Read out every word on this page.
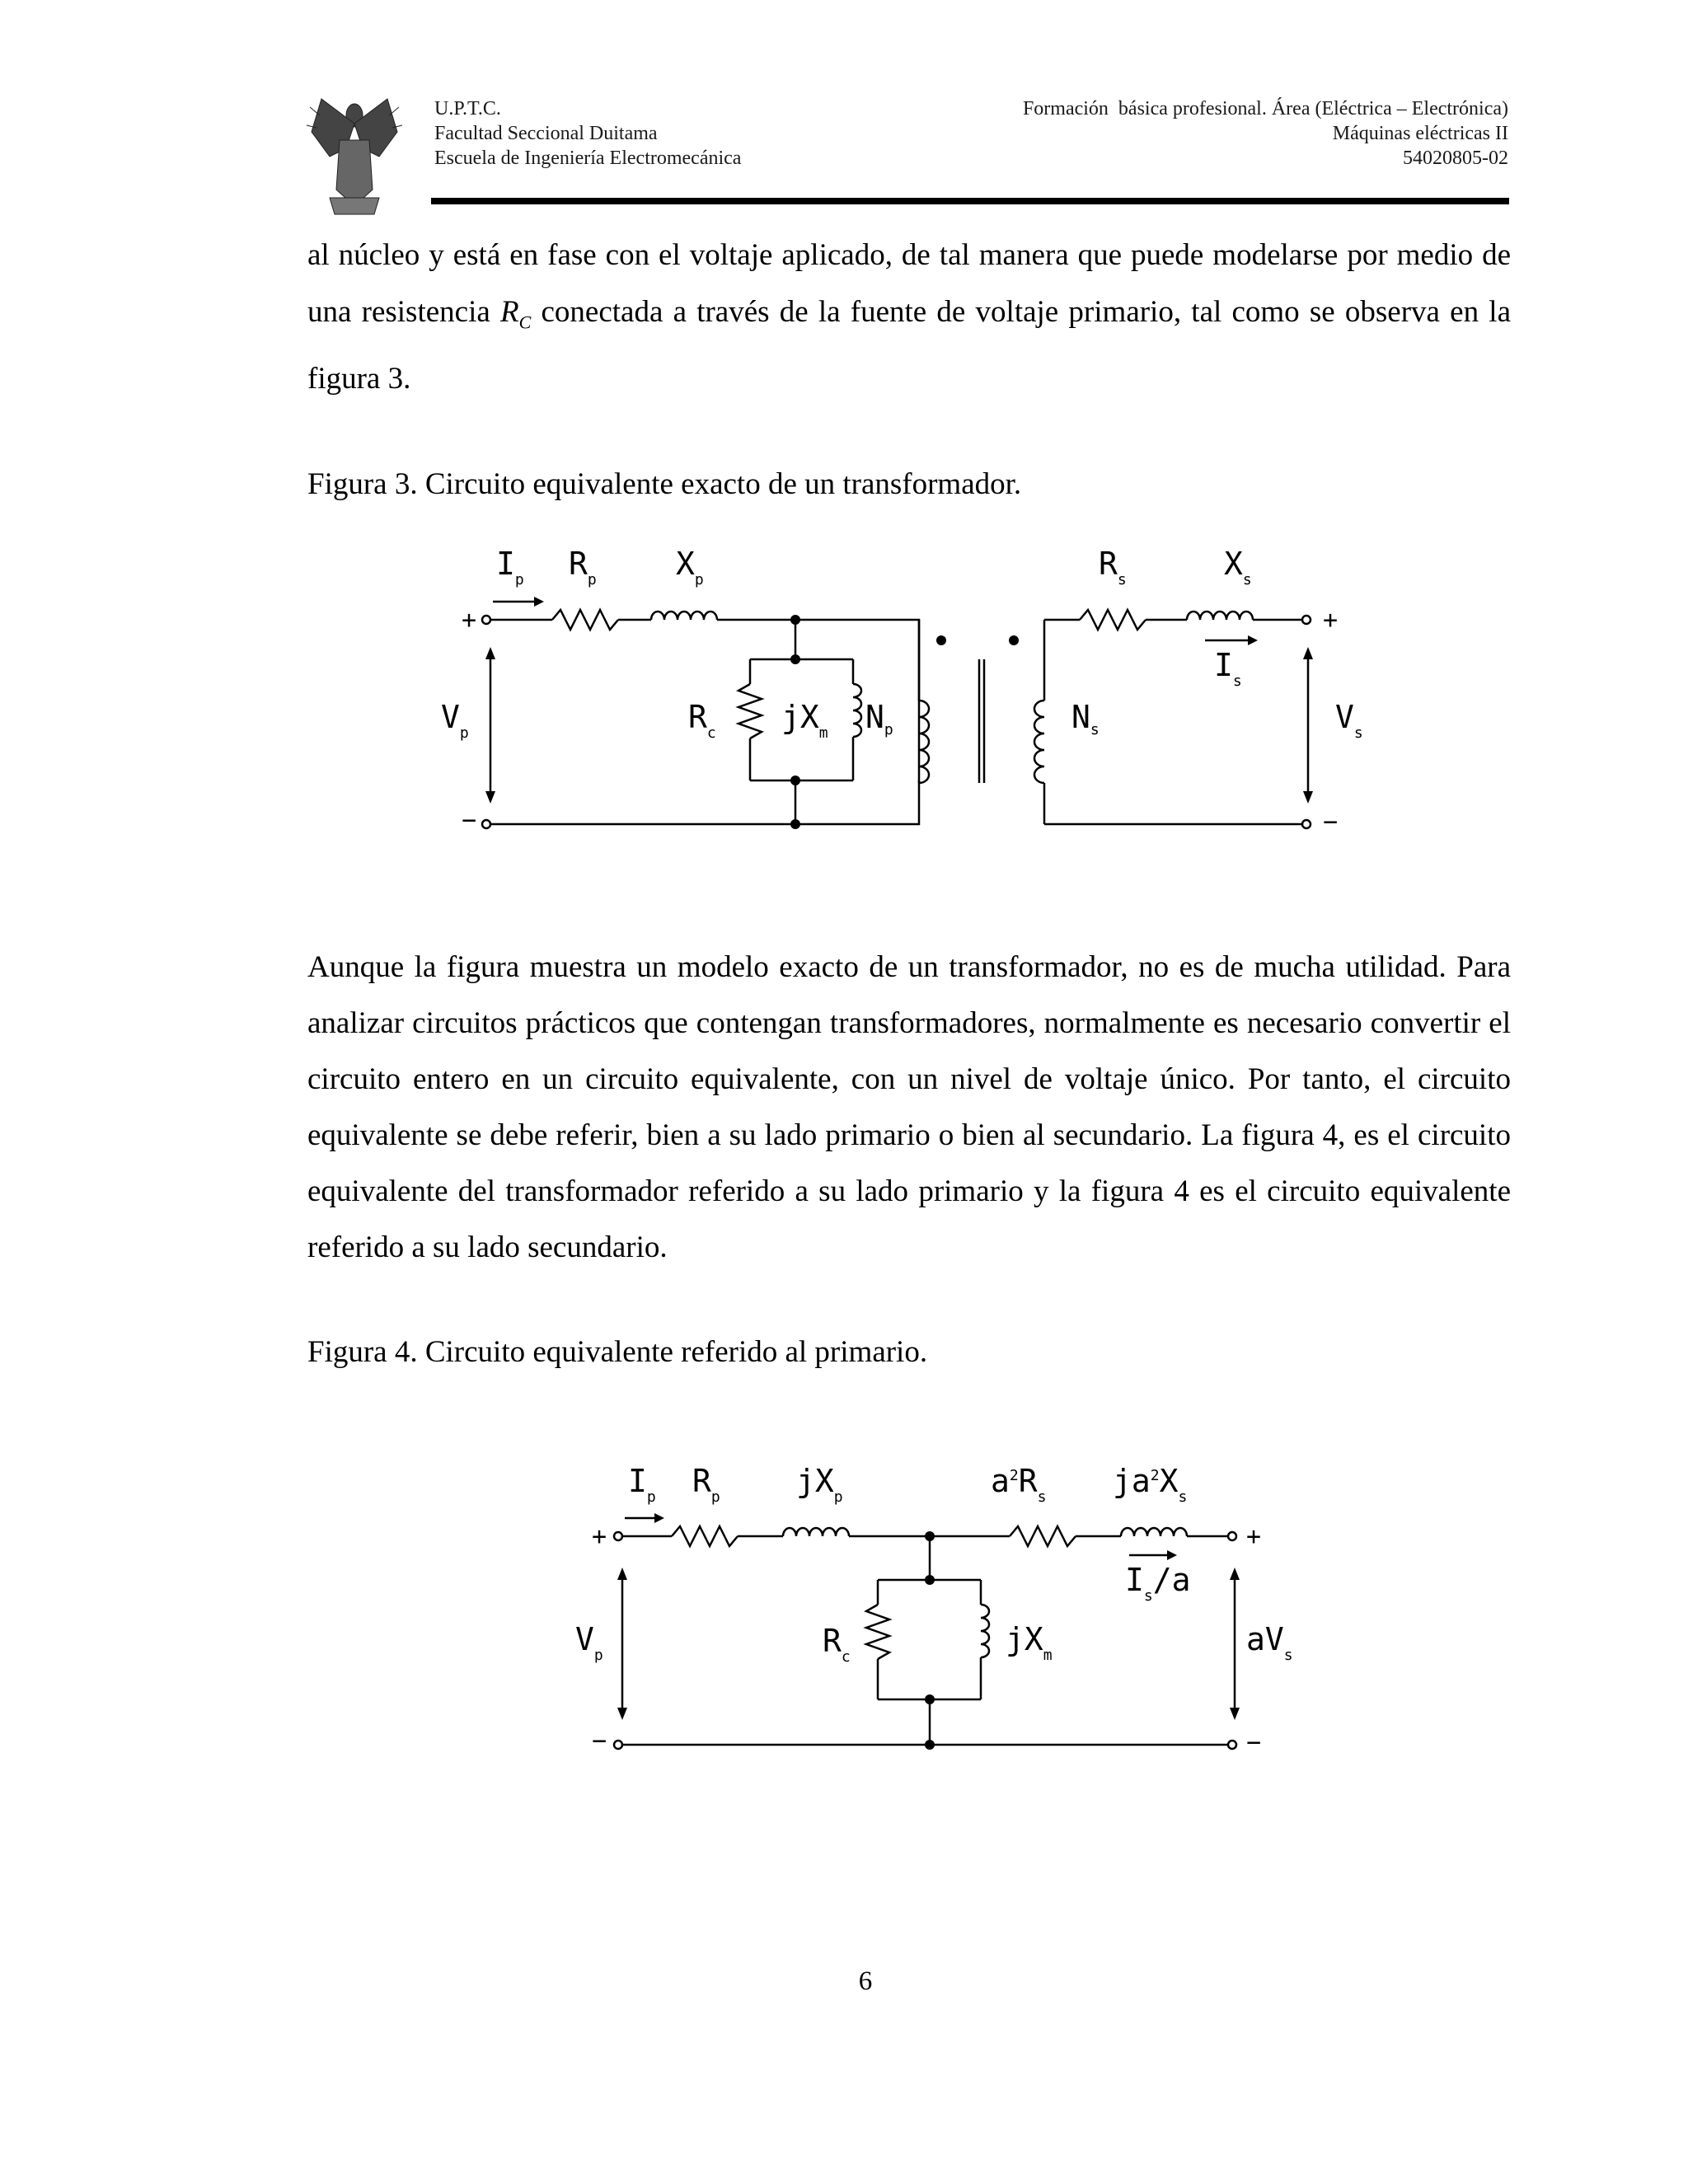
U.P.T.C.
Facultad Seccional Duitama
Escuela de Ingeniería Electromecánica
Formación  básica profesional. Área (Eléctrica – Electrónica)
Máquinas eléctricas II
54020805-02
al núcleo y está en fase con el voltaje aplicado, de tal manera que puede modelarse por medio de una resistencia $R_C$ conectada a través de la fuente de voltaje primario, tal como se observa en la figura 3.
Figura 3. Circuito equivalente exacto de un transformador.
+
−
+
−
$I_p$ $R_p$	$X_p$	$R_s$	$X_s$
$I_s$
$V_p$	$V_s$
$R_c$ $jX_m$ $N_p$	$N_s$
Aunque la figura muestra un modelo exacto de un transformador, no es de mucha utilidad. Para analizar circuitos prácticos que contengan transformadores, normalmente es necesario convertir el circuito entero en un circuito equivalente, con un nivel de voltaje único. Por tanto, el circuito equivalente se debe referir, bien a su lado primario o bien al secundario. La figura 4, es el circuito equivalente del transformador referido a su lado primario y la figura 4 es el circuito equivalente referido a su lado secundario.
Figura 4. Circuito equivalente referido al primario.
+
−
+
−
$I_p$ $R_p$ $jX_p$	$a^2R_s$ $ja^2X_s$
$I_s/a$
$V_p$	$aV_s$
$R_c$	$jX_m$
6
